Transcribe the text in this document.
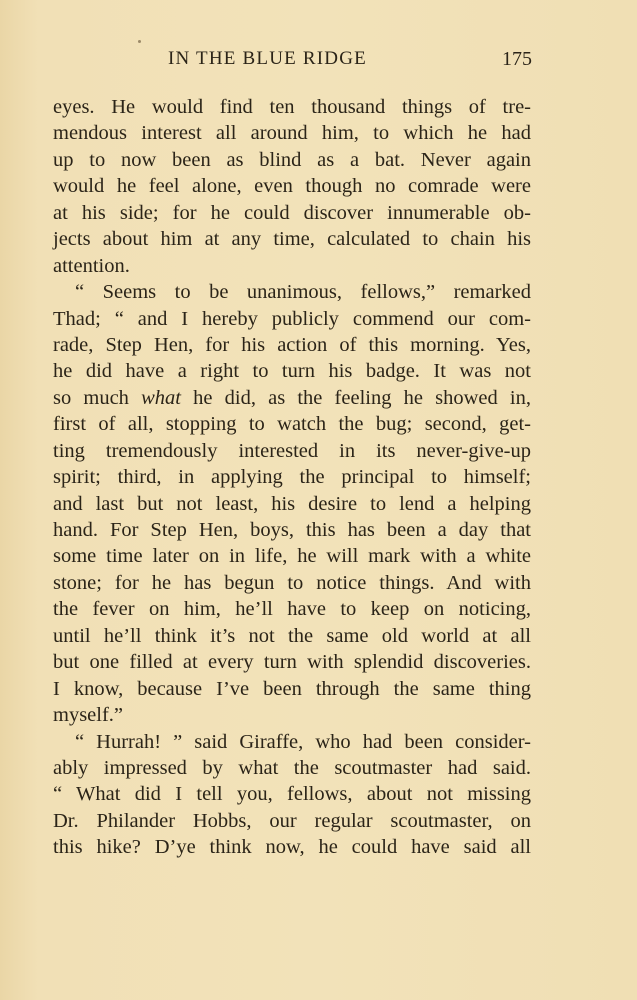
IN THE BLUE RIDGE	175
eyes. He would find ten thousand things of tre-
mendous interest all around him, to which he had
up to now been as blind as a bat. Never again
would he feel alone, even though no comrade were
at his side; for he could discover innumerable ob-
jects about him at any time, calculated to chain his
attention.
“ Seems to be unanimous, fellows,” remarked
Thad; “ and I hereby publicly commend our com-
rade, Step Hen, for his action of this morning. Yes,
he did have a right to turn his badge. It was not
so much what he did, as the feeling he showed in,
first of all, stopping to watch the bug; second, get-
ting tremendously interested in its never-give-up
spirit; third, in applying the principal to himself;
and last but not least, his desire to lend a helping
hand. For Step Hen, boys, this has been a day that
some time later on in life, he will mark with a white
stone; for he has begun to notice things. And with
the fever on him, he’ll have to keep on noticing,
until he’ll think it’s not the same old world at all
but one filled at every turn with splendid discoveries.
I know, because I’ve been through the same thing
myself.”
“ Hurrah! ” said Giraffe, who had been consider-
ably impressed by what the scoutmaster had said.
“ What did I tell you, fellows, about not missing
Dr. Philander Hobbs, our regular scoutmaster, on
this hike? D’ye think now, he could have said all
